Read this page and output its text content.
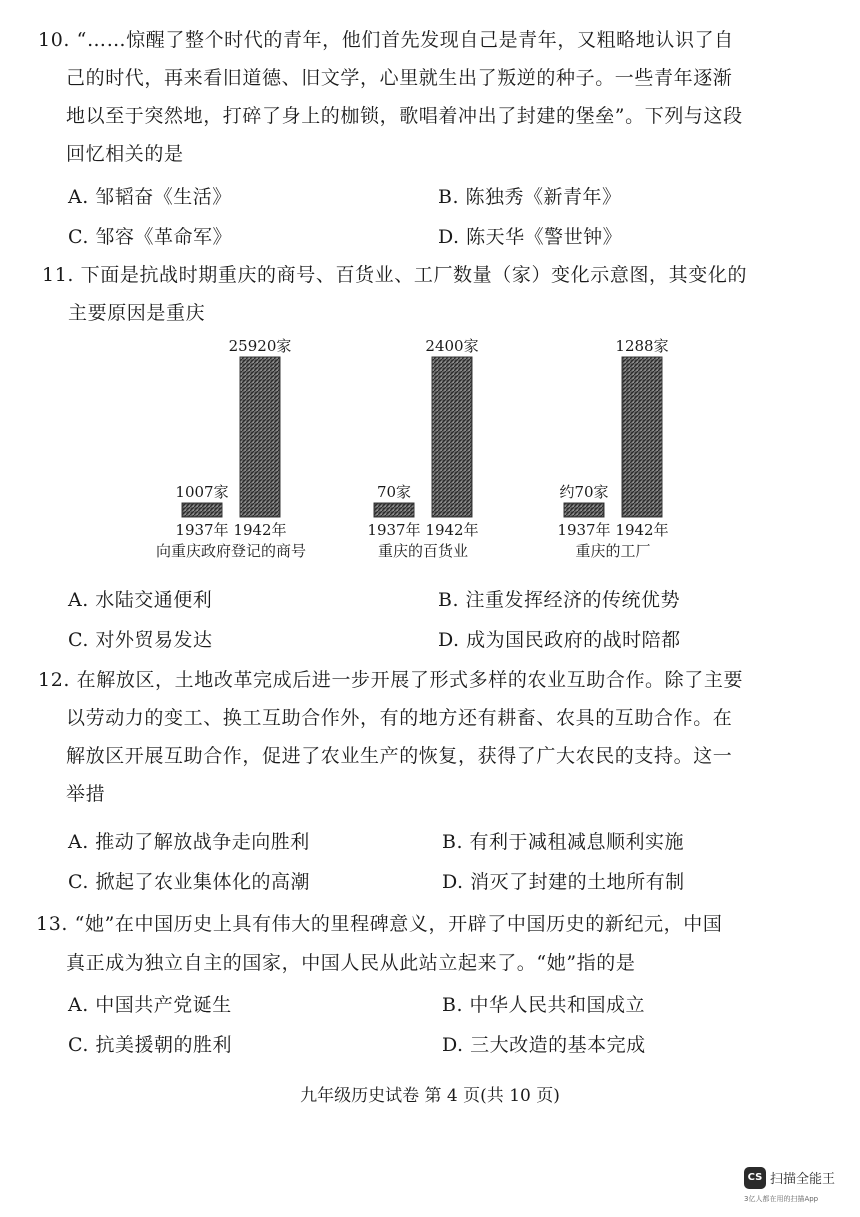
10. “……惊醒了整个时代的青年，他们首先发现自己是青年，又粗略地认识了自
己的时代，再来看旧道德、旧文学，心里就生出了叛逆的种子。一些青年逐渐
地以至于突然地，打碎了身上的枷锁，歌唱着冲出了封建的堡垒”。下列与这段
回忆相关的是
A. 邹韬奋《生活》	B. 陈独秀《新青年》
C. 邹容《革命军》	D. 陈天华《警世钟》
11. 下面是抗战时期重庆的商号、百货业、工厂数量（家）变化示意图，其变化的
主要原因是重庆
1007家
1937年
25920家
1942年
向重庆政府登记的商号
70家
1937年
2400家
1942年
重庆的百货业
约70家
1937年
1288家
1942年
重庆的工厂
A. 水陆交通便利	B. 注重发挥经济的传统优势
C. 对外贸易发达	D. 成为国民政府的战时陪都
12. 在解放区，土地改革完成后进一步开展了形式多样的农业互助合作。除了主要
以劳动力的变工、换工互助合作外，有的地方还有耕畜、农具的互助合作。在
解放区开展互助合作，促进了农业生产的恢复，获得了广大农民的支持。这一
举措
A. 推动了解放战争走向胜利	B. 有利于减租减息顺利实施
C. 掀起了农业集体化的高潮	D. 消灭了封建的土地所有制
13. “她”在中国历史上具有伟大的里程碑意义，开辟了中国历史的新纪元，中国
真正成为独立自主的国家，中国人民从此站立起来了。“她”指的是
A. 中国共产党诞生	B. 中华人民共和国成立
C. 抗美援朝的胜利	D. 三大改造的基本完成
九年级历史试卷 第 4 页(共 10 页)
CS 扫描全能王
3亿人都在用的扫描App
